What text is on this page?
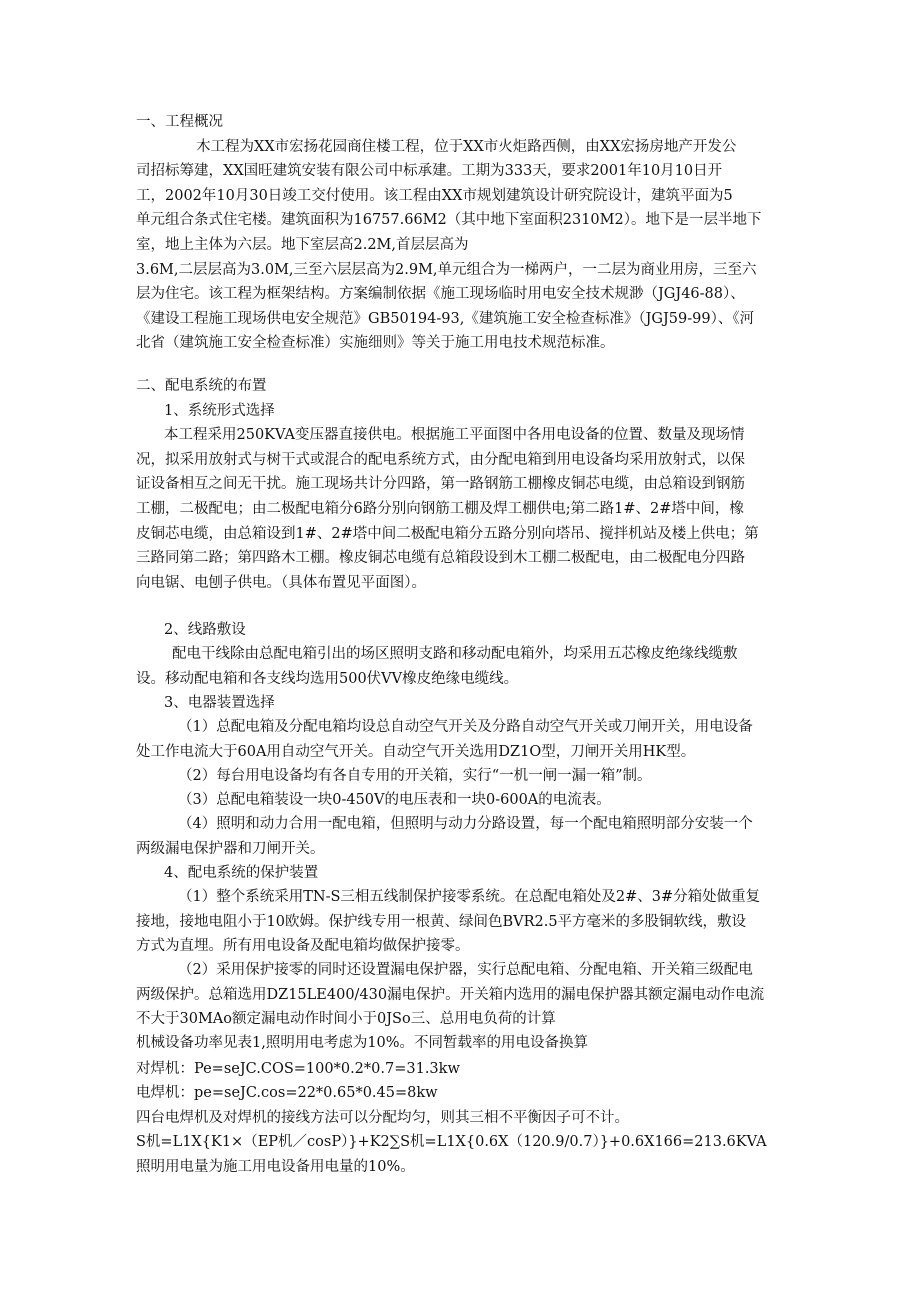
一、工程概况
木工程为XX市宏扬花园商住楼工程，位于XX市火炬路西侧，由XX宏扬房地产开发公
司招标筹建，XX国旺建筑安装有限公司中标承建。工期为333天，要求2001年10月10日开
工，2002年10月30日竣工交付使用。该工程由XX市规划建筑设计研究院设计，建筑平面为5
单元组合条式住宅楼。建筑面积为16757.66M2（其中地下室面积2310M2）。地下是一层半地下
室，地上主体为六层。地下室层高2.2M,首层层高为
3.6M,二层层高为3.0M,三至六层层高为2.9M,单元组合为一梯两户，一二层为商业用房，三至六
层为住宅。该工程为框架结构。方案编制依据《施工现场临时用电安全技术规渺（JGJ46-88）、
《建设工程施工现场供电安全规范》GB50194-93,《建筑施工安全检查标准》（JGJ59-99）、《河
北省（建筑施工安全检查标准）实施细则》等关于施工用电技术规范标准。
二、配电系统的布置
1、系统形式选择
本工程采用250KVA变压器直接供电。根据施工平面图中各用电设备的位置、数量及现场情
况，拟采用放射式与树干式或混合的配电系统方式，由分配电箱到用电设备均采用放射式，以保
证设备相互之间无干扰。施工现场共计分四路，第一路钢筋工棚橡皮铜芯电缆，由总箱设到钢筋
工棚，二极配电；由二极配电箱分6路分别向钢筋工棚及焊工棚供电;第二路1#、2#塔中间，橡
皮铜芯电缆，由总箱设到1#、2#塔中间二极配电箱分五路分别向塔吊、搅拌机站及楼上供电；第
三路同第二路；第四路木工棚。橡皮铜芯电缆有总箱段设到木工棚二极配电，由二极配电分四路
向电锯、电刨子供电。（具体布置见平面图）。
2、线路敷设
配电干线除由总配电箱引出的场区照明支路和移动配电箱外，均采用五芯橡皮绝缘线缆敷
设。移动配电箱和各支线均选用500伏VV橡皮绝缘电缆线。
3、电器装置选择
（1）总配电箱及分配电箱均设总自动空气开关及分路自动空气开关或刀闸开关，用电设备
处工作电流大于60A用自动空气开关。自动空气开关选用DZ1O型，刀闸开关用HK型。
（2）每台用电设备均有各自专用的开关箱，实行“一机一闸一漏一箱”制。
（3）总配电箱装设一块0-450V的电压表和一块0-600A的电流表。
（4）照明和动力合用一配电箱，但照明与动力分路设置，每一个配电箱照明部分安装一个
两级漏电保护器和刀闸开关。
4、配电系统的保护装置
（1）整个系统采用TN-S三相五线制保护接零系统。在总配电箱处及2#、3#分箱处做重复
接地，接地电阻小于10欧姆。保护线专用一根黄、绿间色BVR2.5平方毫米的多股铜软线，敷设
方式为直埋。所有用电设备及配电箱均做保护接零。
（2）采用保护接零的同时还设置漏电保护器，实行总配电箱、分配电箱、开关箱三级配电
两级保护。总箱选用DZ15LE400/430漏电保护。开关箱内选用的漏电保护器其额定漏电动作电流
不大于30MAo额定漏电动作时间小于0JSo三、总用电负荷的计算
机械设备功率见表1,照明用电考虑为10%。不同暂载率的用电设备换算
对焊机：Pe=seJC.COS=100*0.2*0.7=31.3kw
电焊机：pe=seJC.cos=22*0.65*0.45=8kw
四台电焊机及对焊机的接线方法可以分配均匀，则其三相不平衡因子可不计。
S机=L1X{K1×（EP机／cosP）}+K2∑S机=L1X{0.6X（120.9/0.7）}+0.6X166=213.6KVA
照明用电量为施工用电设备用电量的10%。
